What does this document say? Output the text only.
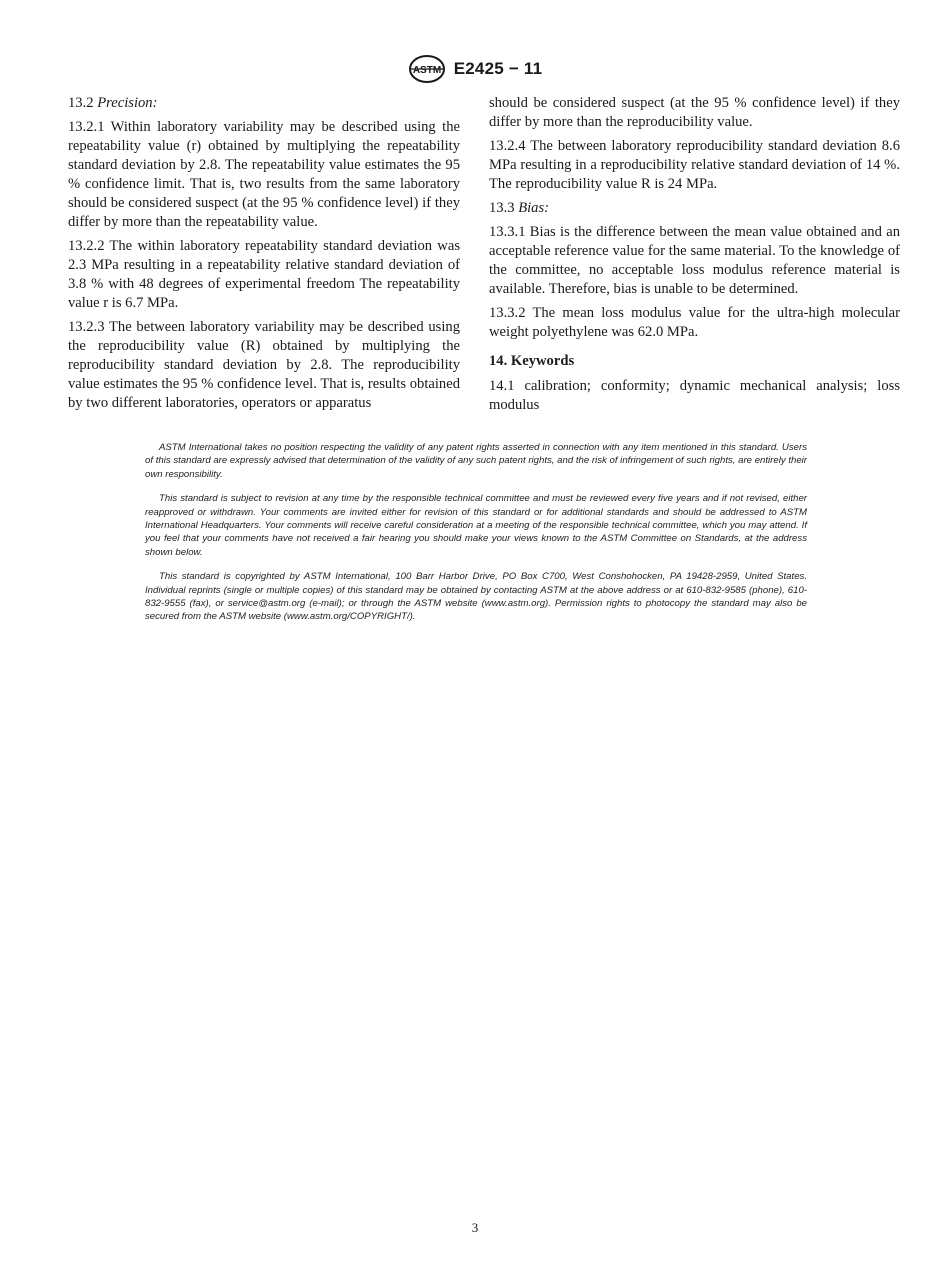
ASTM E2425 − 11

13.2 Precision:

13.2.1 Within laboratory variability may be described using the repeatability value (r) obtained by multiplying the repeatability standard deviation by 2.8. The repeatability value estimates the 95 % confidence limit. That is, two results from the same laboratory should be considered suspect (at the 95 % confidence level) if they differ by more than the repeatability value.

13.2.2 The within laboratory repeatability standard deviation was 2.3 MPa resulting in a repeatability relative standard deviation of 3.8 % with 48 degrees of experimental freedom The repeatability value r is 6.7 MPa.

13.2.3 The between laboratory variability may be described using the reproducibility value (R) obtained by multiplying the reproducibility standard deviation by 2.8. The reproducibility value estimates the 95 % confidence level. That is, results obtained by two different laboratories, operators or apparatus

should be considered suspect (at the 95 % confidence level) if they differ by more than the reproducibility value.

13.2.4 The between laboratory reproducibility standard deviation 8.6 MPa resulting in a reproducibility relative standard deviation of 14 %. The reproducibility value R is 24 MPa.

13.3 Bias:

13.3.1 Bias is the difference between the mean value obtained and an acceptable reference value for the same material. To the knowledge of the committee, no acceptable loss modulus reference material is available. Therefore, bias is unable to be determined.

13.3.2 The mean loss modulus value for the ultra-high molecular weight polyethylene was 62.0 MPa.

14. Keywords

14.1 calibration; conformity; dynamic mechanical analysis; loss modulus

ASTM International takes no position respecting the validity of any patent rights asserted in connection with any item mentioned in this standard. Users of this standard are expressly advised that determination of the validity of any such patent rights, and the risk of infringement of such rights, are entirely their own responsibility.

This standard is subject to revision at any time by the responsible technical committee and must be reviewed every five years and if not revised, either reapproved or withdrawn. Your comments are invited either for revision of this standard or for additional standards and should be addressed to ASTM International Headquarters. Your comments will receive careful consideration at a meeting of the responsible technical committee, which you may attend. If you feel that your comments have not received a fair hearing you should make your views known to the ASTM Committee on Standards, at the address shown below.

This standard is copyrighted by ASTM International, 100 Barr Harbor Drive, PO Box C700, West Conshohocken, PA 19428-2959, United States. Individual reprints (single or multiple copies) of this standard may be obtained by contacting ASTM at the above address or at 610-832-9585 (phone), 610-832-9555 (fax), or service@astm.org (e-mail); or through the ASTM website (www.astm.org). Permission rights to photocopy the standard may also be secured from the ASTM website (www.astm.org/COPYRIGHT/).

3
